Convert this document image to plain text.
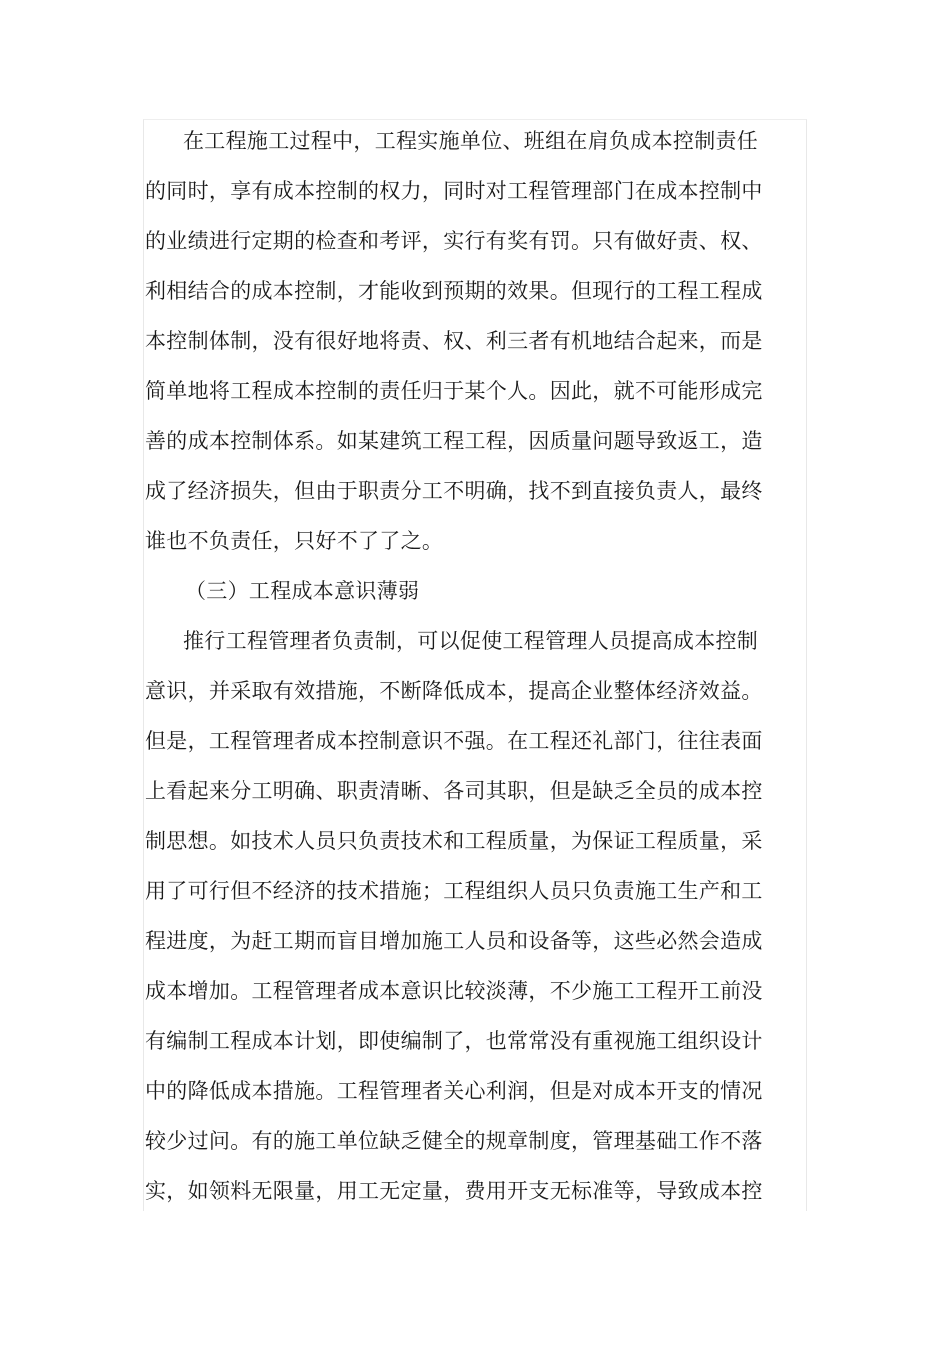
在工程施工过程中，工程实施单位、班组在肩负成本控制责任
的同时，享有成本控制的权力，同时对工程管理部门在成本控制中
的业绩进行定期的检查和考评，实行有奖有罚。只有做好责、权、
利相结合的成本控制，才能收到预期的效果。但现行的工程工程成
本控制体制，没有很好地将责、权、利三者有机地结合起来，而是
简单地将工程成本控制的责任归于某个人。因此，就不可能形成完
善的成本控制体系。如某建筑工程工程，因质量问题导致返工，造
成了经济损失，但由于职责分工不明确，找不到直接负责人，最终
谁也不负责任，只好不了了之。
（三）工程成本意识薄弱
推行工程管理者负责制，可以促使工程管理人员提高成本控制
意识，并采取有效措施，不断降低成本，提高企业整体经济效益。
但是，工程管理者成本控制意识不强。在工程还礼部门，往往表面
上看起来分工明确、职责清晰、各司其职，但是缺乏全员的成本控
制思想。如技术人员只负责技术和工程质量，为保证工程质量，采
用了可行但不经济的技术措施；工程组织人员只负责施工生产和工
程进度，为赶工期而盲目增加施工人员和设备等，这些必然会造成
成本增加。工程管理者成本意识比较淡薄，不少施工工程开工前没
有编制工程成本计划，即使编制了，也常常没有重视施工组织设计
中的降低成本措施。工程管理者关心利润，但是对成本开支的情况
较少过问。有的施工单位缺乏健全的规章制度，管理基础工作不落
实，如领料无限量，用工无定量，费用开支无标准等，导致成本控
